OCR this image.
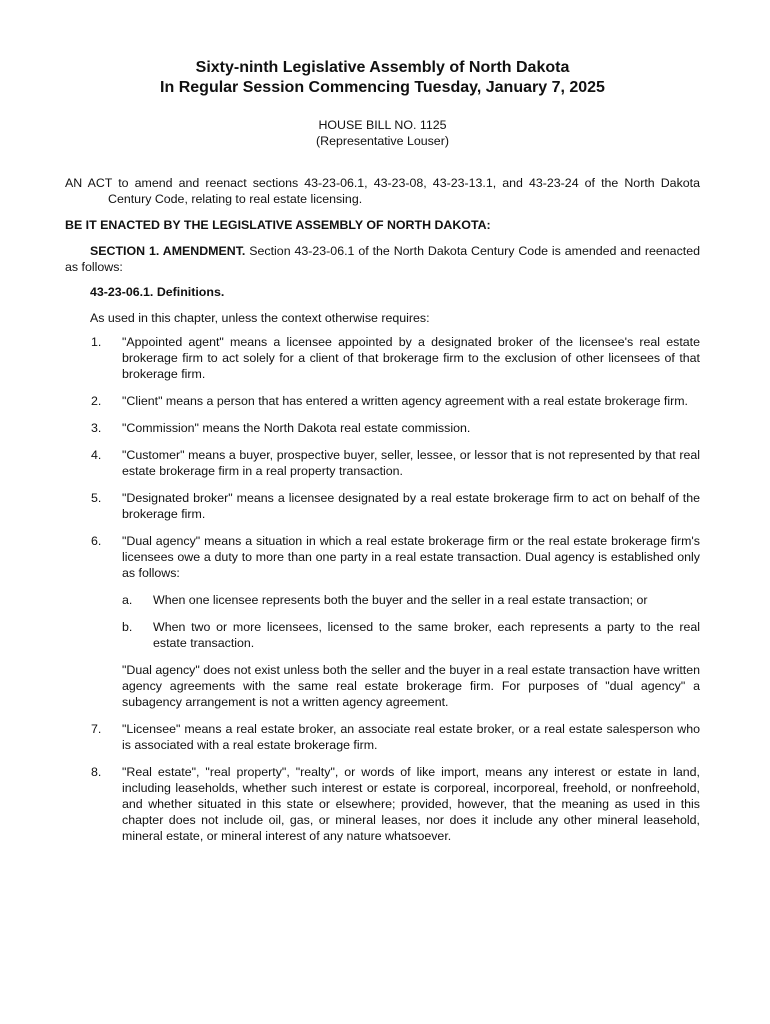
Sixty-ninth Legislative Assembly of North Dakota
In Regular Session Commencing Tuesday, January 7, 2025
HOUSE BILL NO. 1125
(Representative Louser)
AN ACT to amend and reenact sections 43-23-06.1, 43-23-08, 43-23-13.1, and 43-23-24 of the North Dakota Century Code, relating to real estate licensing.
BE IT ENACTED BY THE LEGISLATIVE ASSEMBLY OF NORTH DAKOTA:
SECTION 1. AMENDMENT. Section 43-23-06.1 of the North Dakota Century Code is amended and reenacted as follows:
43-23-06.1. Definitions.
As used in this chapter, unless the context otherwise requires:
1. "Appointed agent" means a licensee appointed by a designated broker of the licensee's real estate brokerage firm to act solely for a client of that brokerage firm to the exclusion of other licensees of that brokerage firm.
2. "Client" means a person that has entered a written agency agreement with a real estate brokerage firm.
3. "Commission" means the North Dakota real estate commission.
4. "Customer" means a buyer, prospective buyer, seller, lessee, or lessor that is not represented by that real estate brokerage firm in a real property transaction.
5. "Designated broker" means a licensee designated by a real estate brokerage firm to act on behalf of the brokerage firm.
6. "Dual agency" means a situation in which a real estate brokerage firm or the real estate brokerage firm's licensees owe a duty to more than one party in a real estate transaction. Dual agency is established only as follows:
a. When one licensee represents both the buyer and the seller in a real estate transaction; or
b. When two or more licensees, licensed to the same broker, each represents a party to the real estate transaction.
"Dual agency" does not exist unless both the seller and the buyer in a real estate transaction have written agency agreements with the same real estate brokerage firm. For purposes of "dual agency" a subagency arrangement is not a written agency agreement.
7. "Licensee" means a real estate broker, an associate real estate broker, or a real estate salesperson who is associated with a real estate brokerage firm.
8. "Real estate", "real property", "realty", or words of like import, means any interest or estate in land, including leaseholds, whether such interest or estate is corporeal, incorporeal, freehold, or nonfreehold, and whether situated in this state or elsewhere; provided, however, that the meaning as used in this chapter does not include oil, gas, or mineral leases, nor does it include any other mineral leasehold, mineral estate, or mineral interest of any nature whatsoever.
